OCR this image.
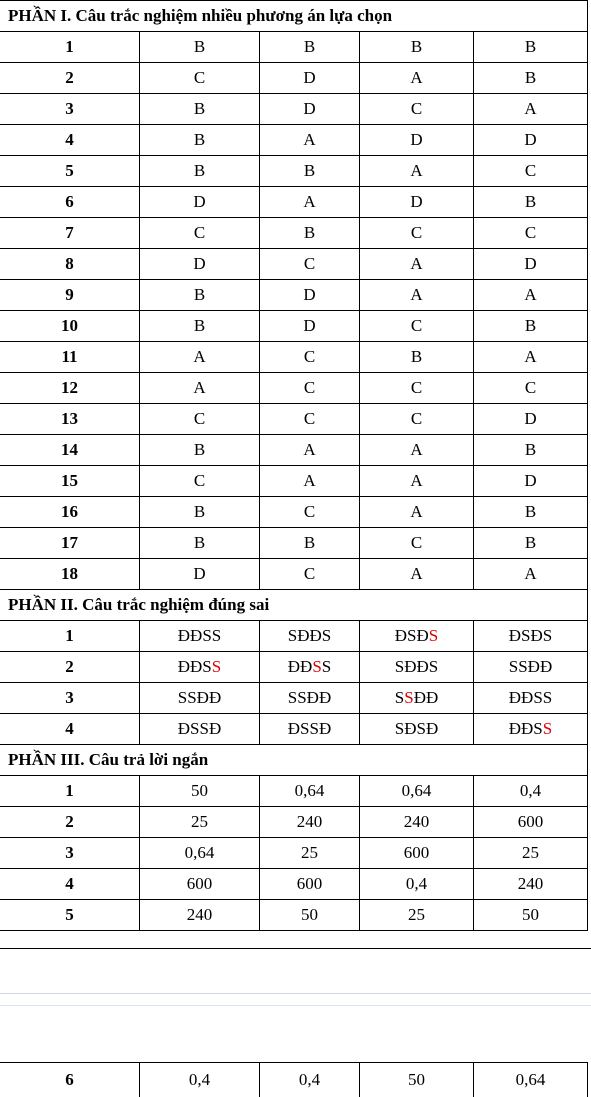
PHẦN I. Câu trắc nghiệm nhiều phương án lựa chọn				
1	B	B	B	B
2	C	D	A	B
3	B	D	C	A
4	B	A	D	D
5	B	B	A	C
6	D	A	D	B
7	C	B	C	C
8	D	C	A	D
9	B	D	A	A
10	B	D	C	B
11	A	C	B	A
12	A	C	C	C
13	C	C	C	D
14	B	A	A	B
15	C	A	A	D
16	B	C	A	B
17	B	B	C	B
18	D	C	A	A
PHẦN II. Câu trắc nghiệm đúng sai				
1	ĐĐSS	SĐĐS	ĐSĐS	ĐSĐS
2	ĐĐSS	ĐĐSS	SĐĐS	SSĐĐ
3	SSĐĐ	SSĐĐ	SSĐĐ	ĐĐSS
4	ĐSSĐ	ĐSSĐ	SĐSĐ	ĐĐSS
PHẦN III. Câu trả lời ngắn				
1	50	0,64	0,64	0,4
2	25	240	240	600
3	0,64	25	600	25
4	600	600	0,4	240
5	240	50	25	50
6	0,4	0,4	50	0,64
